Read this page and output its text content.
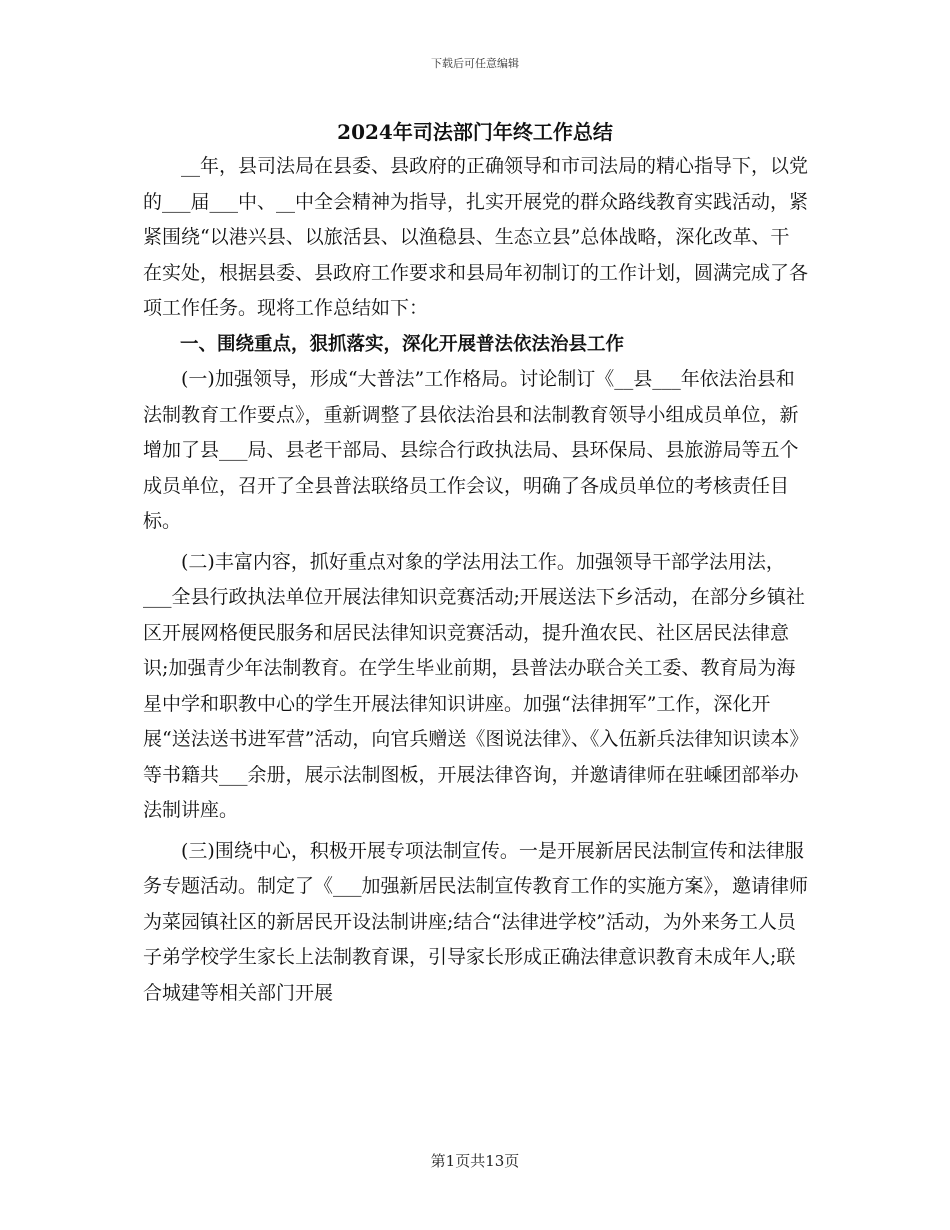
下载后可任意编辑
2024年司法部门年终工作总结

__年，县司法局在县委、县政府的正确领导和市司法局的精心指导下，以党的___届___中、__中全会精神为指导，扎实开展党的群众路线教育实践活动，紧紧围绕“以港兴县、以旅活县、以渔稳县、生态立县”总体战略，深化改革、干在实处，根据县委、县政府工作要求和县局年初制订的工作计划，圆满完成了各项工作任务。现将工作总结如下：

一、围绕重点，狠抓落实，深化开展普法依法治县工作

(一)加强领导，形成“大普法”工作格局。讨论制订《__县___年依法治县和法制教育工作要点》，重新调整了县依法治县和法制教育领导小组成员单位，新增加了县___局、县老干部局、县综合行政执法局、县环保局、县旅游局等五个成员单位，召开了全县普法联络员工作会议，明确了各成员单位的考核责任目标。

(二)丰富内容，抓好重点对象的学法用法工作。加强领导干部学法用法，___全县行政执法单位开展法律知识竞赛活动;开展送法下乡活动，在部分乡镇社区开展网格便民服务和居民法律知识竞赛活动，提升渔农民、社区居民法律意识;加强青少年法制教育。在学生毕业前期，县普法办联合关工委、教育局为海星中学和职教中心的学生开展法律知识讲座。加强“法律拥军”工作，深化开展“送法送书进军营”活动，向官兵赠送《图说法律》、《入伍新兵法律知识读本》等书籍共___余册，展示法制图板，开展法律咨询，并邀请律师在驻嵊团部举办法制讲座。

(三)围绕中心，积极开展专项法制宣传。一是开展新居民法制宣传和法律服务专题活动。制定了《___加强新居民法制宣传教育工作的实施方案》，邀请律师为菜园镇社区的新居民开设法制讲座;结合“法律进学校”活动，为外来务工人员子弟学校学生家长上法制教育课，引导家长形成正确法律意识教育未成年人;联合城建等相关部门开展

第1页共13页
